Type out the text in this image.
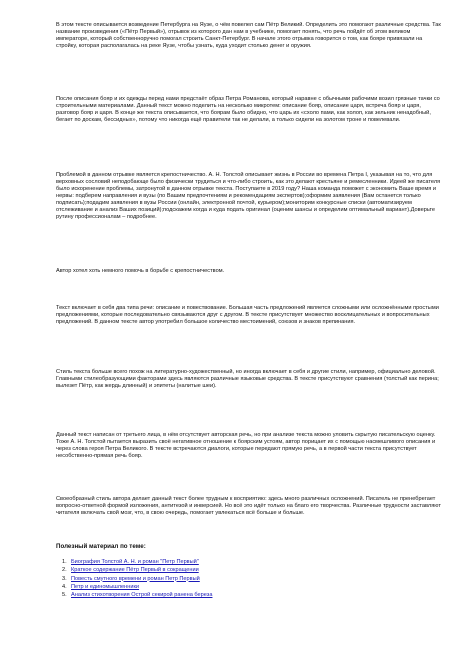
В этом тексте описывается возведение Петербурга на Яузе, о чём повелел сам Пётр Великий. Определить это помогают различные средства. Так название произведения («Пётр Первый»), отрывок из которого дан нам в учебнике, помогает понять, что речь пойдёт об этом великом императоре, который собственноручно помогал строить Санкт-Петербург. В начале этого отрывка говорится о том, как бояре привязали на стройку, которая располагалась на реке Яузе, чтобы узнать, куда уходит столько денег и оружия.

После описания бояр и их одежды перед нами предстаёт образ Петра Романова, который наравне с обычными рабочими возил грязные тачки со строительными материалами. Данный текст можно поделить на несколько микротем: описание бояр, описание царя, встреча бояр и царя, разговор бояр и царя. В конце же текста описывается, что боярам было обидно, что царь их «схоло пами, как холоп, как зельник ненадобный, бегает по доскам, бессидных», потому что никогда ещё правители так не делали, а только сидели на золотом троне и повелевали.

Проблемой в данном отрывке является крепостничество. А. Н. Толстой описывает жизнь в России во времена Петра I, указывая на то, что для верховных сословий неподобающе было физически трудиться и что-либо строить, как это делают крестьяне и ремесленники. Идеей же писателя было искоренение проблемы, затронутой в данном отрывке текста. Поступаете в 2019 году? Наша команда поможет с экономить Ваше время и нервы: подберем направления и вузы (по Вашим предпочтениям и рекомендациям экспертов);оформим заявления (Вам останется только подписать);подадим заявления в вузы России (онлайн, электронной почтой, курьером);мониторим конкурсные списки (автоматизируем отслеживание и анализ Ваших позиций);подскажем когда и куда подать оригинал (оценим шансы и определим оптимальный вариант).Доверьте рутину профессионалам – подробнее.

Автор хотел хоть немного помочь в борьбе с крепостничеством.

Текст включает в себя два типа речи: описание и повествование. Большая часть предложений является сложными или осложнёнными простыми предложениями, которые последовательно связываются друг с другом. В тексте присутствует множество восклицательных и вопросительных предложений. В данном тексте автор употребил большое количество местоимений, союзов и знаков препинания.

Стиль текста больше всего похож на литературно-художественный, но иногда включает в себя и другие стили, например, официально деловой. Главными стилеобразующими факторами здесь являются различные языковые средства. В тексте присутствуют сравнения (толстый как перина; вылезет Пётр, как жердь длинный) и эпитеты (налитые шеи).

Данный текст написан от третьего лица, в нём отсутствует авторская речь, но при анализе текста можно уловить скрытую писательскую оценку. Тоже А. Н. Толстой пытается выразить своё негативное отношение к боярским устоям, автор порицает их с помощью насмешливого описания и через слова героя Петра Великого. В тексте встречаются диалоги, которые передают прямую речь, а в первой части текста присутствует несобственно-прямая речь бояр.

Своеобразный стиль автора делает данный текст более трудным к восприятию: здесь много различных осложнений. Писатель не пренебрегает вопросно-ответной формой изложения, антитезой и инверсией. Но всё это идёт только на благо его творчества. Различные трудности заставляют читателя включать свой мозг, что, в свою очередь, помогает увлекаться всё больше и больше.

Полезный материал по теме:

1. Биография Толстой А. Н. и роман "Петр Первый"
2. Краткое содержание Пётр Первый в сокращении
3. Повесть смутного времени и роман Петр Первый
4. Петр и единомышленники
5. Анализ стихотворения Острой секирой ранена береза
